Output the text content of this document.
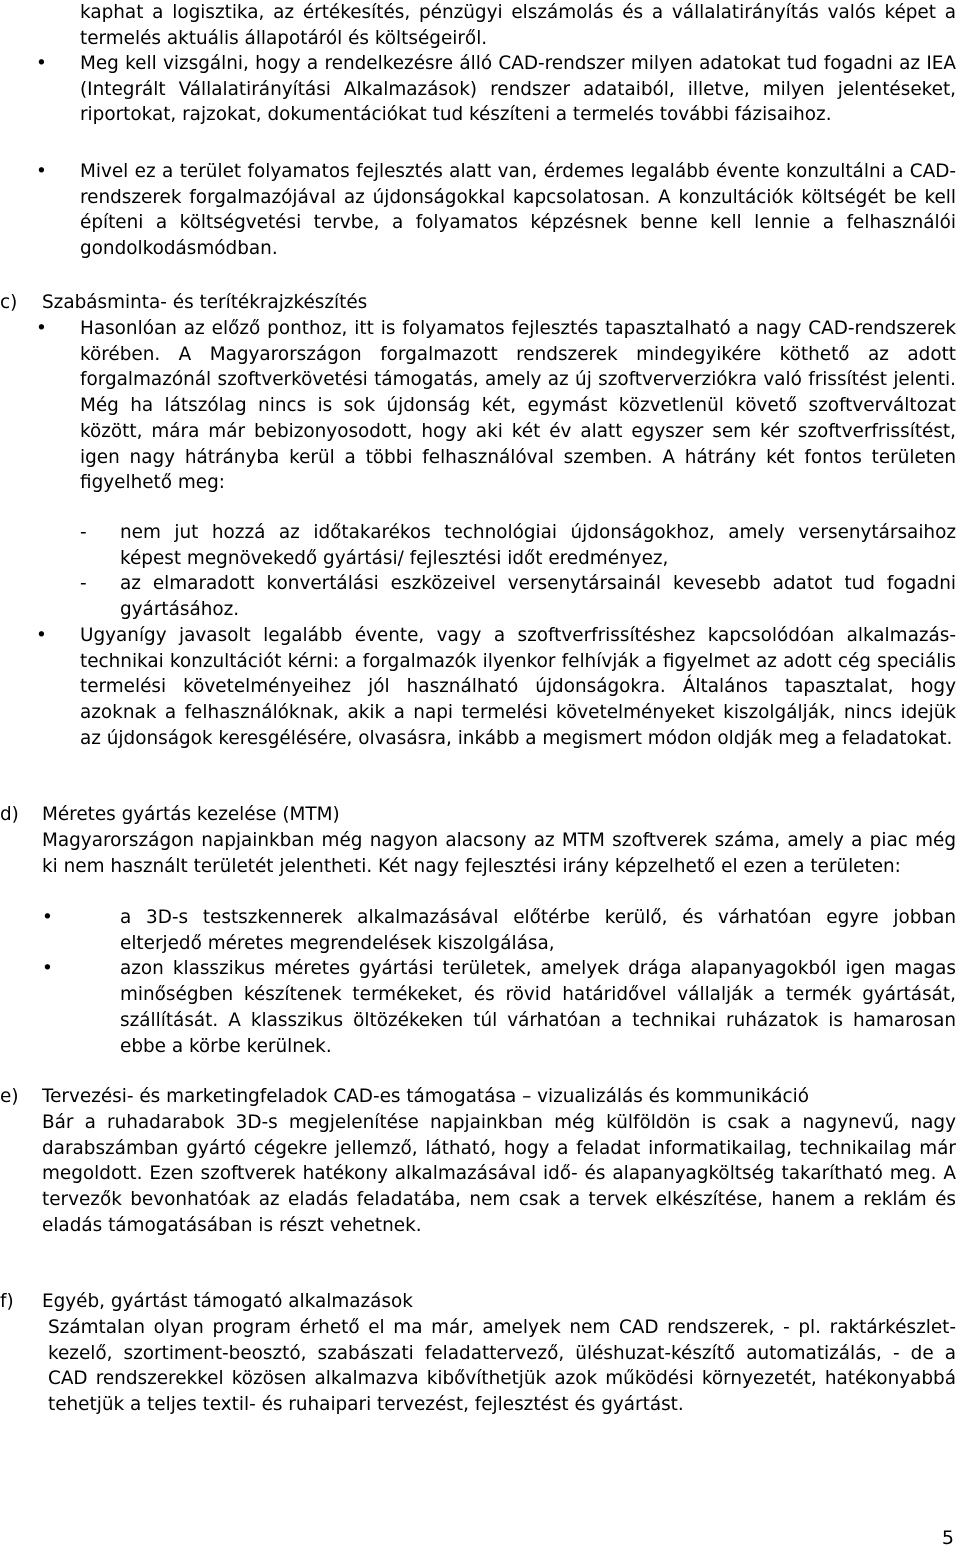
kaphat a logisztika, az értékesítés, pénzügyi elszámolás és a vállalatirányítás valós képet a termelés aktuális állapotáról és költségeiről.
• Meg kell vizsgálni, hogy a rendelkezésre álló CAD-rendszer milyen adatokat tud fogadni az IEA (Integrált Vállalatirányítási Alkalmazások) rendszer adataiból, illetve, milyen jelentéseket, riportokat, rajzokat, dokumentációkat tud készíteni a termelés további fázisaihoz.
• Mivel ez a terület folyamatos fejlesztés alatt van, érdemes legalább évente konzultálni a CAD-rendszerek forgalmazójával az újdonságokkal kapcsolatosan. A konzultációk költségét be kell építeni a költségvetési tervbe, a folyamatos képzésnek benne kell lennie a felhasználói gondolkodásmódban.
c) Szabásminta- és terítékrajzkészítés
• Hasonlóan az előző ponthoz, itt is folyamatos fejlesztés tapasztalható a nagy CAD-rendszerek körében. A Magyarországon forgalmazott rendszerek mindegyikére köthető az adott forgalmazónál szoftverkövetési támogatás, amely az új szoftververziókra való frissítést jelenti. Még ha látszólag nincs is sok újdonság két, egymást közvetlenül követő szoftverváltozat között, mára már bebizonyosodott, hogy aki két év alatt egyszer sem kér szoftverfrissítést, igen nagy hátrányba kerül a többi felhasználóval szemben. A hátrány két fontos területen figyelhető meg:
- nem jut hozzá az időtakarékos technológiai újdonságokhoz, amely versenytársaihoz képest megnövekedő gyártási/ fejlesztési időt eredményez,
- az elmaradott konvertálási eszközeivel versenytársainál kevesebb adatot tud fogadni gyártásához.
• Ugyanígy javasolt legalább évente, vagy a szoftverfrissítéshez kapcsolódóan alkalmazás-technikai konzultációt kérni: a forgalmazók ilyenkor felhívják a figyelmet az adott cég speciális termelési követelményeihez jól használható újdonságokra. Általános tapasztalat, hogy azoknak a felhasználóknak, akik a napi termelési követelményeket kiszolgálják, nincs idejük az újdonságok keresgélésére, olvasásra, inkább a megismert módon oldják meg a feladatokat.
d) Méretes gyártás kezelése (MTM)
Magyarországon napjainkban még nagyon alacsony az MTM szoftverek száma, amely a piac még ki nem használt területét jelentheti. Két nagy fejlesztési irány képzelhető el ezen a területen:
•	a 3D-s testszkennerek alkalmazásával előtérbe kerülő, és várhatóan egyre jobban elterjedő méretes megrendelések kiszolgálása,
•	azon klasszikus méretes gyártási területek, amelyek drága alapanyagokból igen magas minőségben készítenek termékeket, és rövid határidővel vállalják a termék gyártását, szállítását. A klasszikus öltözékeken túl várhatóan a technikai ruházatok is hamarosan ebbe a körbe kerülnek.
e) Tervezési- és marketingfeladok CAD-es támogatása – vizualizálás és kommunikáció
Bár a ruhadarabok 3D-s megjelenítése napjainkban még külföldön is csak a nagynevű, nagy darabszámban gyártó cégekre jellemző, látható, hogy a feladat informatikailag, technikailag már megoldott. Ezen szoftverek hatékony alkalmazásával idő- és alapanyagköltség takarítható meg. A tervezők bevonhatóak az eladás feladatába, nem csak a tervek elkészítése, hanem a reklám és eladás támogatásában is részt vehetnek.
f) Egyéb, gyártást támogató alkalmazások
Számtalan olyan program érhető el ma már, amelyek nem CAD rendszerek, - pl. raktárkészlet-kezelő, szortiment-beosztó, szabászati feladattervező, üléshuzat-készítő automatizálás, - de a CAD rendszerekkel közösen alkalmazva kibővíthetjük azok működési környezetét, hatékonyabbá tehetjük a teljes textil- és ruhaipari tervezést, fejlesztést és gyártást.
5
